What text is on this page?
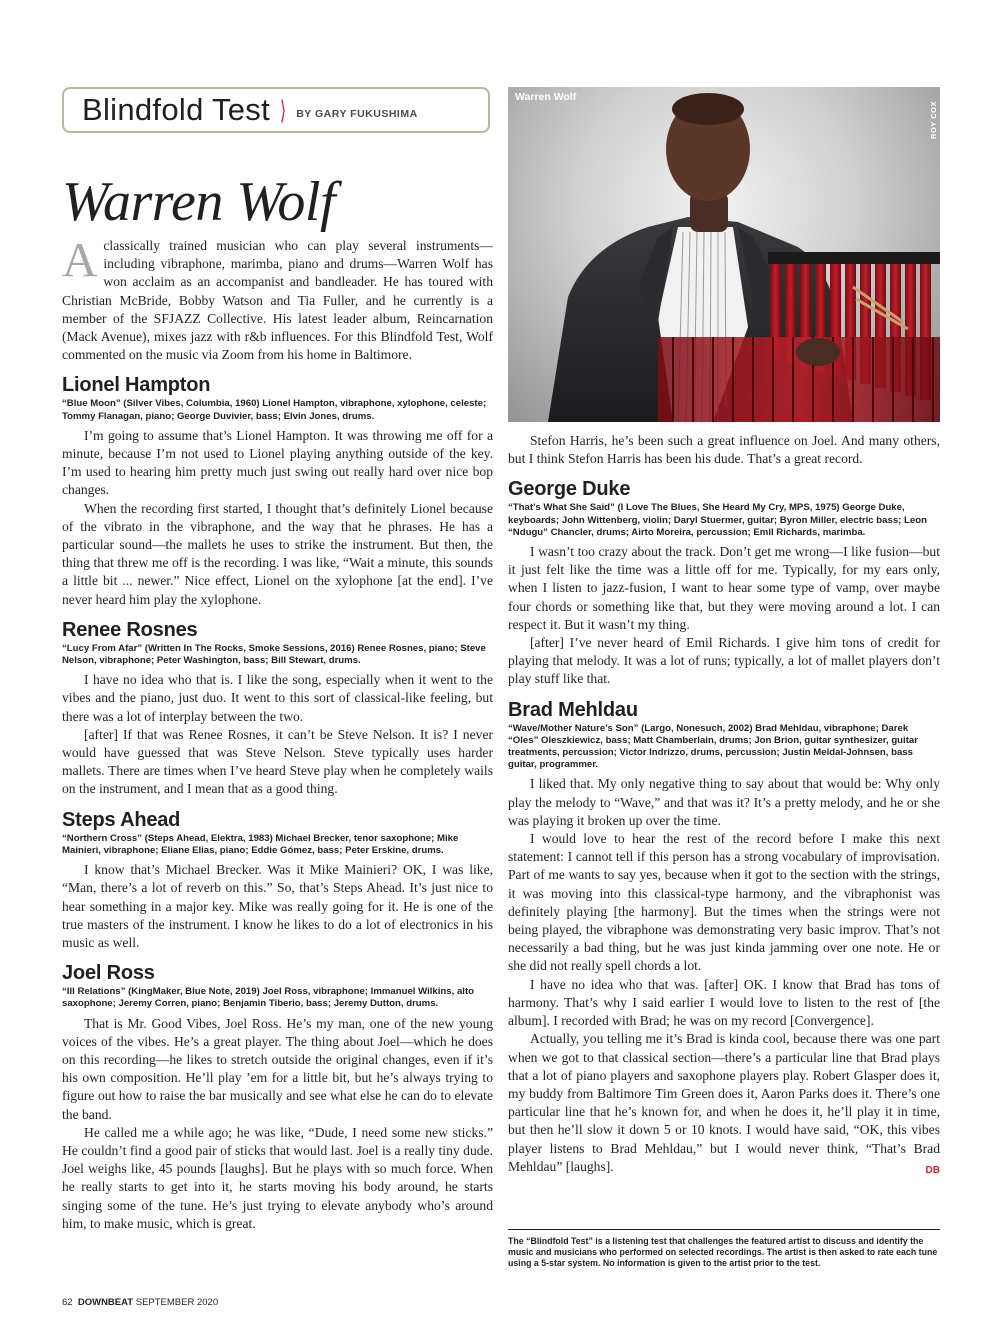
Blindfold Test ⟩ BY GARY FUKUSHIMA
Warren Wolf
ROY COX
Warren Wolf

Aclassically trained musician who can play several instruments—including vibraphone, marimba, piano and drums—Warren Wolf has won acclaim as an accompanist and bandleader. He has toured with Christian McBride, Bobby Watson and Tia Fuller, and he currently is a member of the SFJAZZ Collective. His latest leader album, Reincarnation (Mack Avenue), mixes jazz with r&b influences. For this Blindfold Test, Wolf commented on the music via Zoom from his home in Baltimore.

Lionel Hampton
“Blue Moon” (Silver Vibes, Columbia, 1960) Lionel Hampton, vibraphone, xylophone, celeste; Tommy Flanagan, piano; George Duvivier, bass; Elvin Jones, drums.

I’m going to assume that’s Lionel Hampton. It was throwing me off for a minute, because I’m not used to Lionel playing anything outside of the key. I’m used to hearing him pretty much just swing out really hard over nice bop changes.

When the recording first started, I thought that’s definitely Lionel because of the vibrato in the vibraphone, and the way that he phrases. He has a particular sound—the mallets he uses to strike the instrument. But then, the thing that threw me off is the recording. I was like, “Wait a minute, this sounds a little bit ... newer.” Nice effect, Lionel on the xylophone [at the end]. I’ve never heard him play the xylophone.

Renee Rosnes
“Lucy From Afar” (Written In The Rocks, Smoke Sessions, 2016) Renee Rosnes, piano; Steve Nelson, vibraphone; Peter Washington, bass; Bill Stewart, drums.

I have no idea who that is. I like the song, especially when it went to the vibes and the piano, just duo. It went to this sort of classical-like feeling, but there was a lot of interplay between the two.

[after] If that was Renee Rosnes, it can’t be Steve Nelson. It is? I never would have guessed that was Steve Nelson. Steve typically uses harder mallets. There are times when I’ve heard Steve play when he completely wails on the instrument, and I mean that as a good thing.

Steps Ahead
“Northern Cross” (Steps Ahead, Elektra, 1983) Michael Brecker, tenor saxophone; Mike Mainieri, vibraphone; Eliane Elias, piano; Eddie Gómez, bass; Peter Erskine, drums.

I know that’s Michael Brecker. Was it Mike Mainieri? OK, I was like, “Man, there’s a lot of reverb on this.” So, that’s Steps Ahead. It’s just nice to hear something in a major key. Mike was really going for it. He is one of the true masters of the instrument. I know he likes to do a lot of electronics in his music as well.

Joel Ross
“Ill Relations” (KingMaker, Blue Note, 2019) Joel Ross, vibraphone; Immanuel Wilkins, alto saxophone; Jeremy Corren, piano; Benjamin Tiberio, bass; Jeremy Dutton, drums.

That is Mr. Good Vibes, Joel Ross. He’s my man, one of the new young voices of the vibes. He’s a great player. The thing about Joel—which he does on this recording—he likes to stretch outside the original changes, even if it’s his own composition. He’ll play ’em for a little bit, but he’s always trying to figure out how to raise the bar musically and see what else he can do to elevate the band.

He called me a while ago; he was like, “Dude, I need some new sticks.” He couldn’t find a good pair of sticks that would last. Joel is a really tiny dude. Joel weighs like, 45 pounds [laughs]. But he plays with so much force. When he really starts to get into it, he starts moving his body around, he starts singing some of the tune. He’s just trying to elevate anybody who’s around him, to make music, which is great.

Stefon Harris, he’s been such a great influence on Joel. And many others, but I think Stefon Harris has been his dude. That’s a great record.

George Duke
“That’s What She Said” (I Love The Blues, She Heard My Cry, MPS, 1975) George Duke, keyboards; John Wittenberg, violin; Daryl Stuermer, guitar; Byron Miller, electric bass; Leon “Ndugu” Chancler, drums; Airto Moreira, percussion; Emil Richards, marimba.

I wasn’t too crazy about the track. Don’t get me wrong—I like fusion—but it just felt like the time was a little off for me. Typically, for my ears only, when I listen to jazz-fusion, I want to hear some type of vamp, over maybe four chords or something like that, but they were moving around a lot. I can respect it. But it wasn’t my thing.

[after] I’ve never heard of Emil Richards. I give him tons of credit for playing that melody. It was a lot of runs; typically, a lot of mallet players don’t play stuff like that.

Brad Mehldau
“Wave/Mother Nature’s Son” (Largo, Nonesuch, 2002) Brad Mehldau, vibraphone; Darek “Oles” Oleszkiewicz, bass; Matt Chamberlain, drums; Jon Brion, guitar synthesizer, guitar treatments, percussion; Victor Indrizzo, drums, percussion; Justin Meldal-Johnsen, bass guitar, programmer.

I liked that. My only negative thing to say about that would be: Why only play the melody to “Wave,” and that was it? It’s a pretty melody, and he or she was playing it broken up over the time.

I would love to hear the rest of the record before I make this next statement: I cannot tell if this person has a strong vocabulary of improvisation. Part of me wants to say yes, because when it got to the section with the strings, it was moving into this classical-type harmony, and the vibraphonist was definitely playing [the harmony]. But the times when the strings were not being played, the vibraphone was demonstrating very basic improv. That’s not necessarily a bad thing, but he was just kinda jamming over one note. He or she did not really spell chords a lot.

I have no idea who that was. [after] OK. I know that Brad has tons of harmony. That’s why I said earlier I would love to listen to the rest of [the album]. I recorded with Brad; he was on my record [Convergence].

Actually, you telling me it’s Brad is kinda cool, because there was one part when we got to that classical section—there’s a particular line that Brad plays that a lot of piano players and saxophone players play. Robert Glasper does it, my buddy from Baltimore Tim Green does it, Aaron Parks does it. There’s one particular line that he’s known for, and when he does it, he’ll play it in time, but then he’ll slow it down 5 or 10 knots. I would have said, “OK, this vibes player listens to Brad Mehldau,” but I would never think, “That’s Brad Mehldau” [laughs].	DB

The “Blindfold Test” is a listening test that challenges the featured artist to discuss and identify the music and musicians who performed on selected recordings. The artist is then asked to rate each tune using a 5-star system. No information is given to the artist prior to the test.
62 DOWNBEAT SEPTEMBER 2020
